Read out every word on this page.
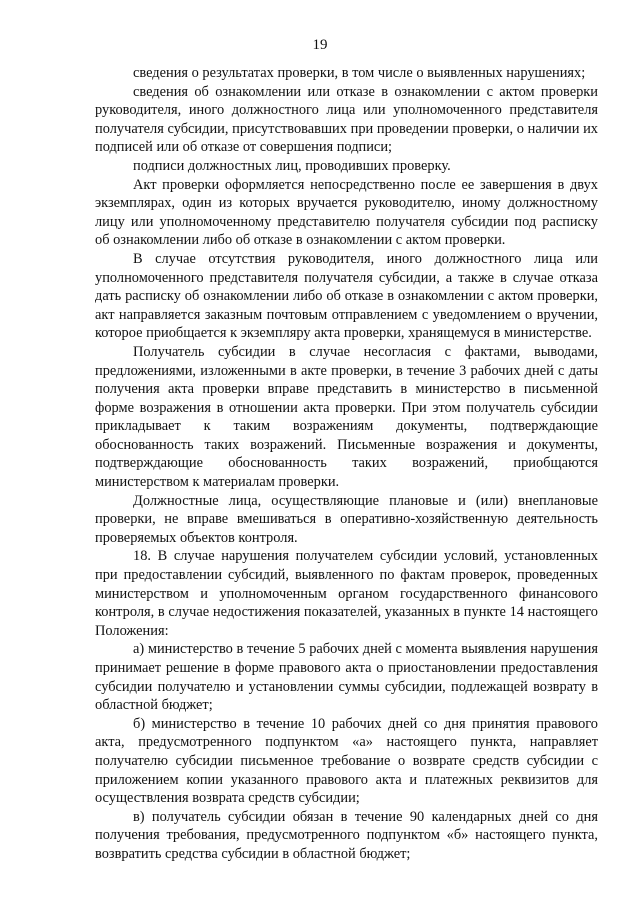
19

сведения о результатах проверки, в том числе о выявленных нарушениях;

сведения об ознакомлении или отказе в ознакомлении с актом проверки руководителя, иного должностного лица или уполномоченного представителя получателя субсидии, присутствовавших при проведении проверки, о наличии их подписей или об отказе от совершения подписи;

подписи должностных лиц, проводивших проверку.

Акт проверки оформляется непосредственно после ее завершения в двух экземплярах, один из которых вручается руководителю, иному должностному лицу или уполномоченному представителю получателя субсидии под расписку об ознакомлении либо об отказе в ознакомлении с актом проверки.

В случае отсутствия руководителя, иного должностного лица или уполномоченного представителя получателя субсидии, а также в случае отказа дать расписку об ознакомлении либо об отказе в ознакомлении с актом проверки, акт направляется заказным почтовым отправлением с уведомлением о вручении, которое приобщается к экземпляру акта проверки, хранящемуся в министерстве.

Получатель субсидии в случае несогласия с фактами, выводами, предложениями, изложенными в акте проверки, в течение 3 рабочих дней с даты получения акта проверки вправе представить в министерство в письменной форме возражения в отношении акта проверки. При этом получатель субсидии прикладывает к таким возражениям документы, подтверждающие обоснованность таких возражений. Письменные возражения и документы, подтверждающие обоснованность таких возражений, приобщаются министерством к материалам проверки.

Должностные лица, осуществляющие плановые и (или) внеплановые проверки, не вправе вмешиваться в оперативно-хозяйственную деятельность проверяемых объектов контроля.

18. В случае нарушения получателем субсидии условий, установленных при предоставлении субсидий, выявленного по фактам проверок, проведенных министерством и уполномоченным органом государственного финансового контроля, в случае недостижения показателей, указанных в пункте 14 настоящего Положения:

а) министерство в течение 5 рабочих дней с момента выявления нарушения принимает решение в форме правового акта о приостановлении предоставления субсидии получателю и установлении суммы субсидии, подлежащей возврату в областной бюджет;

б) министерство в течение 10 рабочих дней со дня принятия правового акта, предусмотренного подпунктом «а» настоящего пункта, направляет получателю субсидии письменное требование о возврате средств субсидии с приложением копии указанного правового акта и платежных реквизитов для осуществления возврата средств субсидии;

в) получатель субсидии обязан в течение 90 календарных дней со дня получения требования, предусмотренного подпунктом «б» настоящего пункта, возвратить средства субсидии в областной бюджет;
